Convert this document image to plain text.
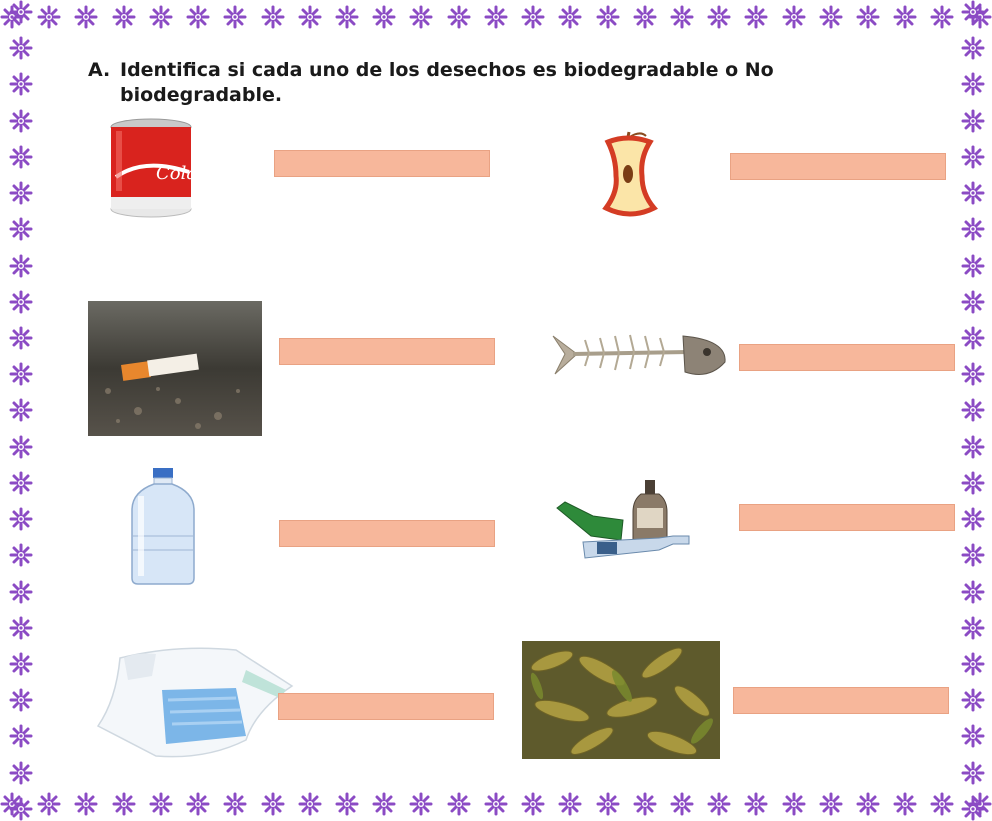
A. Identifica si cada uno de los desechos es biodegradable o No
biodegradable.
Cola
